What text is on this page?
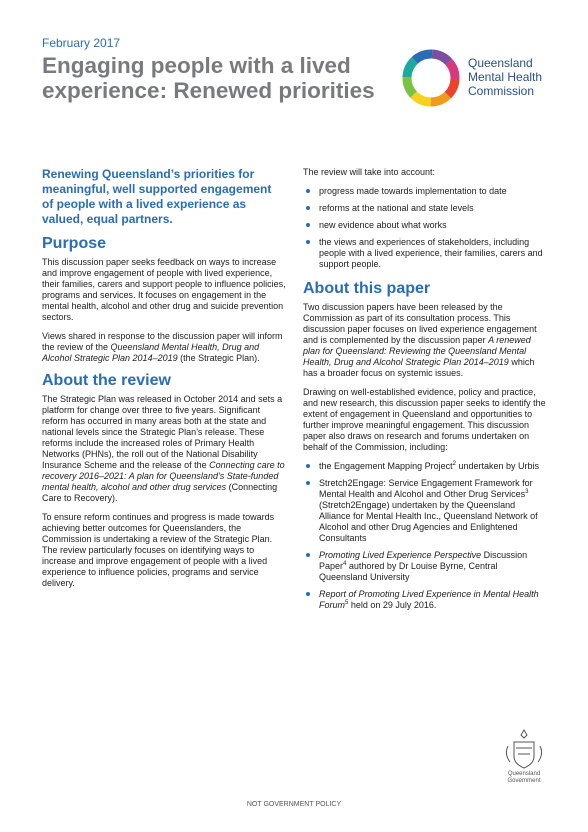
February 2017
Engaging people with a lived experience: Renewed priorities
Queensland
Mental Health
Commission

Renewing Queensland’s priorities for meaningful, well supported engagement of people with a lived experience as valued, equal partners.

Purpose

This discussion paper seeks feedback on ways to increase and improve engagement of people with lived experience, their families, carers and support people to influence policies, programs and services. It focuses on engagement in the mental health, alcohol and other drug and suicide prevention sectors.

Views shared in response to the discussion paper will inform the review of the Queensland Mental Health, Drug and Alcohol Strategic Plan 2014–2019 (the Strategic Plan).

About the review

The Strategic Plan was released in October 2014 and sets a platform for change over three to five years. Significant reform has occurred in many areas both at the state and national levels since the Strategic Plan’s release. These reforms include the increased roles of Primary Health Networks (PHNs), the roll out of the National Disability Insurance Scheme and the release of the Connecting care to recovery 2016–2021: A plan for Queensland’s State-funded mental health, alcohol and other drug services (Connecting Care to Recovery).

To ensure reform continues and progress is made towards achieving better outcomes for Queenslanders, the Commission is undertaking a review of the Strategic Plan. The review particularly focuses on identifying ways to increase and improve engagement of people with a lived experience to influence policies, programs and service delivery.

The review will take into account:

progress made towards implementation to date
reforms at the national and state levels
new evidence about what works
the views and experiences of stakeholders, including people with a lived experience, their families, carers and support people.
About this paper

Two discussion papers have been released by the Commission as part of its consultation process. This discussion paper focuses on lived experience engagement and is complemented by the discussion paper A renewed plan for Queensland: Reviewing the Queensland Mental Health, Drug and Alcohol Strategic Plan 2014–2019 which has a broader focus on systemic issues.

Drawing on well-established evidence, policy and practice, and new research, this discussion paper seeks to identify the extent of engagement in Queensland and opportunities to further improve meaningful engagement. This discussion paper also draws on research and forums undertaken on behalf of the Commission, including:

the Engagement Mapping Project$^2$ undertaken by Urbis
Stretch2Engage: Service Engagement Framework for Mental Health and Alcohol and Other Drug Services$^3$ (Stretch2Engage) undertaken by the Queensland Alliance for Mental Health Inc., Queensland Network of Alcohol and other Drug Agencies and Enlightened Consultants
Promoting Lived Experience Perspective Discussion Paper$^4$ authored by Dr Louise Byrne, Central Queensland University
Report of Promoting Lived Experience in Mental Health Forum$^5$ held on 29 July 2016.
Queensland
Government
NOT GOVERNMENT POLICY
